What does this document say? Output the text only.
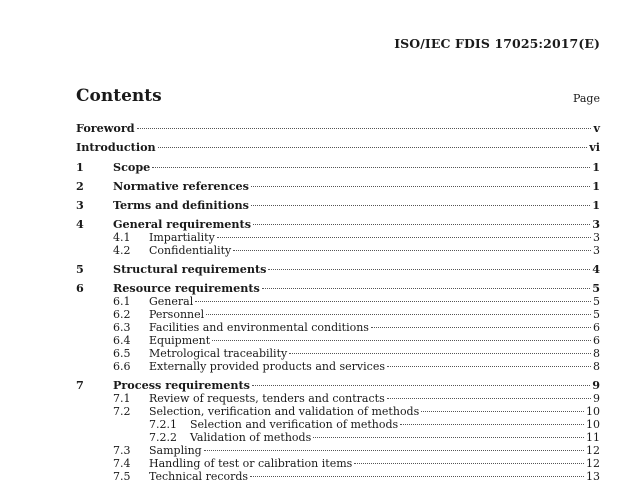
ISO/IEC FDIS 17025:2017(E)
Contents	Page
Foreword	v
Introduction	vi
1	Scope	1
2	Normative references	1
3	Terms and definitions	1
4	General requirements	3
4.1 Impartiality	3
4.2 Confidentiality	3
5	Structural requirements	4
6	Resource requirements	5
6.1 General	5
6.2 Personnel	5
6.3 Facilities and environmental conditions	6
6.4 Equipment	6
6.5 Metrological traceability	8
6.6 Externally provided products and services	8
7	Process requirements	9
7.1 Review of requests, tenders and contracts	9
7.2 Selection, verification and validation of methods	10
7.2.1 Selection and verification of methods	10
7.2.2 Validation of methods	11
7.3 Sampling	12
7.4 Handling of test or calibration items	12
7.5 Technical records	13
